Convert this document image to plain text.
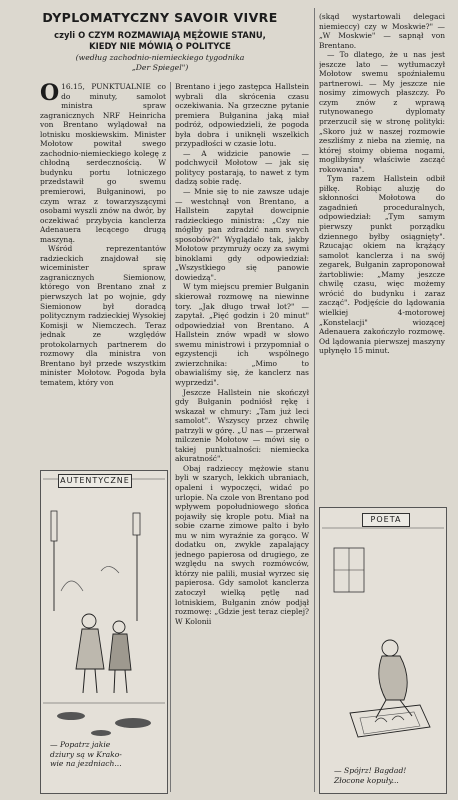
DYPLOMATYCZNY SAVOIR VIVRE
czyli O CZYM ROZMAWIAJĄ MĘŻOWIE STANU,
KIEDY NIE MÓWIĄ O POLITYCE
(według zachodnio-niemieckiego tygodnika
„Der Spiegel")

O 16.15, PUNKTUALNIE co do minuty, samolot ministra spraw zagranicznych NRF Heinricha von Brentano wylądował na lotnisku moskiewskim. Minister Mołotow powitał swego zachodnio-niemieckiego kolegę z chłodną serdecznością. W budynku portu lotniczego przedstawił go swemu premierowi, Bułganinowi, po czym wraz z towarzyszącymi osobami wyszli znów na dwór, by oczekiwać przybycia kanclerza Adenauera lecącego drugą maszyną.

Wśród reprezentantów radzieckich znajdował się wiceminister spraw zagranicznych Siemionow, którego von Brentano znał z pierwszych lat po wojnie, gdy Siemionow był doradcą politycznym radzieckiej Wysokiej Komisji w Niemczech. Teraz jednak ze względów protokolarnych partnerem do rozmowy dla ministra von Brentano był przede wszystkim minister Mołotow. Pogoda była tematem, który von

Brentano i jego zastępca Hallstein wybrali dla skrócenia czasu oczekiwania. Na grzeczne pytanie premiera Bułganina jaką miał podróż, odpowiedzieli, że pogoda była dobra i uniknęli wszelkich przypadłości w czasie lotu.

— A widzicie panowie — podchwycił Mołotow — jak się politycy postarają, to nawet z tym dadzą sobie radę.

— Mnie się to nie zawsze udaje — westchnął von Brentano, a Hallstein zapytał dowcipnie radzieckiego ministra: „Czy nie mógłby pan zdradzić nam swych sposobów?" Wyglądało tak, jakby Mołotow przymruży oczy za swymi binoklami gdy odpowiedział: „Wszystkiego się panowie dowiedzą".

W tym miejscu premier Bułganin skierował rozmowę na niewinne tory. „Jak długo trwał lot?" — zapytał. „Pięć godzin i 20 minut" odpowiedział von Brentano. A Hallstein znów wpadł w słowo swemu ministrowi i przypomniał o egzystencji ich wspólnego zwierzchnika: „Mimo to obawialiśmy się, że kanclerz nas wyprzedzi".

Jeszcze Hallstein nie skończył gdy Bułganin podniósł rękę i wskazał w chmury: „Tam już leci samolot". Wszyscy przez chwilę patrzyli w górę. „U nas — przerwał milczenie Mołotow — mówi się o takiej punktualności: niemiecka akuratność".

Obaj radzieccy mężowie stanu byli w szarych, lekkich ubraniach, opaleni i wypoczęci, widać po urlopie. Na czole von Brentano pod wpływem popołudniowego słońca pojawiły się krople potu. Miał na sobie czarne zimowe palto i było mu w nim wyraźnie za gorąco. W dodatku on, zwykle zapalający jednego papierosa od drugiego, ze względu na swych rozmówców, którzy nie palili, musiał wyrzec się papierosa. Gdy samolot kanclerza zatoczył wielką pętlę nad lotniskiem, Bułganin znów podjął rozmowę: „Gdzie jest teraz cieplej? W Kolonii

(skąd wystartowali delegaci niemieccy) czy w Moskwie?" — „W Moskwie" — sapnął von Brentano.

— To dlatego, że u nas jest jeszcze lato — wytłumaczył Mołotow swemu spoźniałemu partnerowi. — My jeszcze nie nosimy zimowych płaszczy. Po czym znów z wprawą rutynowanego dyplomaty przerzucił się w stronę polityki: „Skoro już w naszej rozmowie zeszliśmy z nieba na ziemię, na której stoimy obiema nogami, moglibyśmy właściwie zacząć rokowania".

Tym razem Hallstein odbił piłkę. Robiąc aluzję do skłonności Mołotowa do zagadnień proceduralnych, odpowiedział: „Tym samym pierwszy punkt porządku dziennego byłby osiągnięty". Rzucając okiem na krążący samolot kanclerza i na swój zegarek, Bułganin zaproponował żartobliwie: „Mamy jeszcze chwilę czasu, więc możemy wrócić do budynku i zaraz zacząć". Podjęście do lądowania wielkiej 4-motorowej „Konstelacji" wiozącej Adenauera zakończyło rozmowę. Od lądowania pierwszej maszyny upłynęło 15 minut.

AUTENTYCZNE
— Popatrz jakie
dziury są w Krako-
wie na jezdniach...
POETA
— Spójrz! Bagdad!
Złocone kopuły...
